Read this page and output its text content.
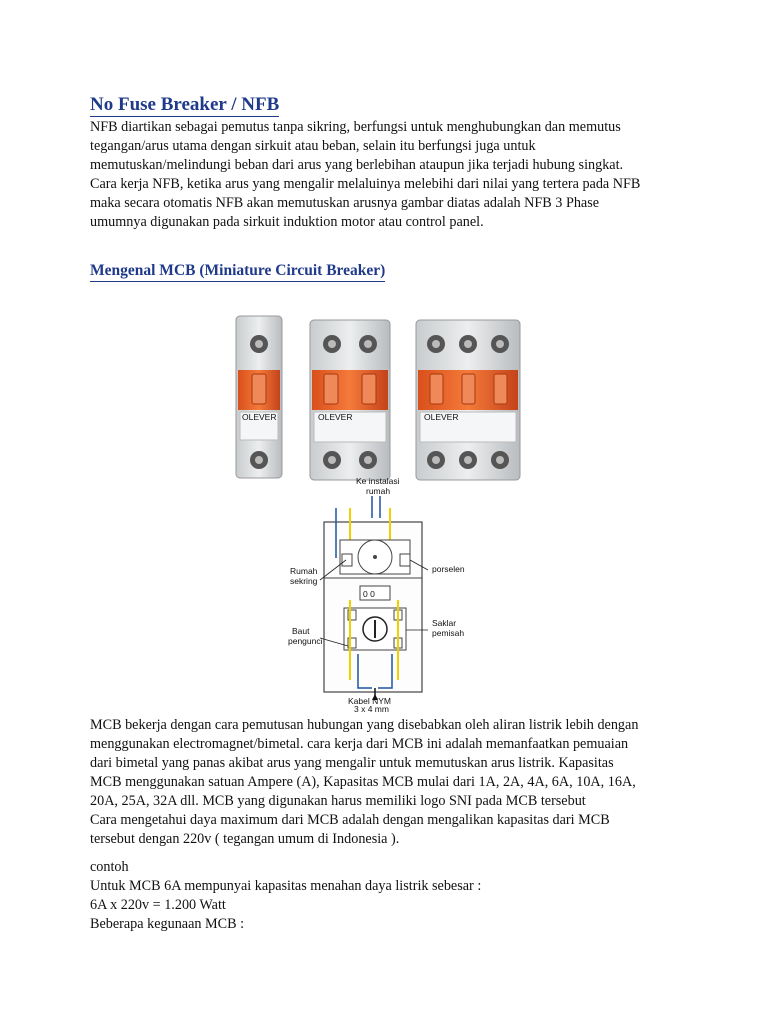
No Fuse Breaker / NFB
NFB diartikan sebagai pemutus tanpa sikring, berfungsi untuk menghubungkan dan memutus
tegangan/arus utama dengan sirkuit atau beban, selain itu berfungsi juga untuk
memutuskan/melindungi beban dari arus yang berlebihan ataupun jika terjadi hubung singkat.
Cara kerja NFB, ketika arus yang mengalir melaluinya melebihi dari nilai yang tertera pada NFB
maka secara otomatis NFB akan memutuskan arusnya gambar diatas adalah NFB 3 Phase
umumnya digunakan pada sirkuit induktion motor atau control panel.
Mengenal MCB (Miniature Circuit Breaker)
OLEVER	OLEVER	OLEVER
Ke instalasi
rumah
0 0
Rumah
sekring
porselen
Baut
pengunci
Saklar
pemisah
Kabel NYM
3 x 4 mm
MCB bekerja dengan cara pemutusan hubungan yang disebabkan oleh aliran listrik lebih dengan
menggunakan electromagnet/bimetal. cara kerja dari MCB ini adalah memanfaatkan pemuaian
dari bimetal yang panas akibat arus yang mengalir untuk memutuskan arus listrik. Kapasitas
MCB menggunakan satuan Ampere (A), Kapasitas MCB mulai dari 1A, 2A, 4A, 6A, 10A, 16A,
20A, 25A, 32A dll. MCB yang digunakan harus memiliki logo SNI pada MCB tersebut
Cara mengetahui daya maximum dari MCB adalah dengan mengalikan kapasitas dari MCB
tersebut dengan 220v ( tegangan umum di Indonesia ).
contoh
Untuk MCB 6A mempunyai kapasitas menahan daya listrik sebesar :
6A x 220v = 1.200 Watt
Beberapa kegunaan MCB :
